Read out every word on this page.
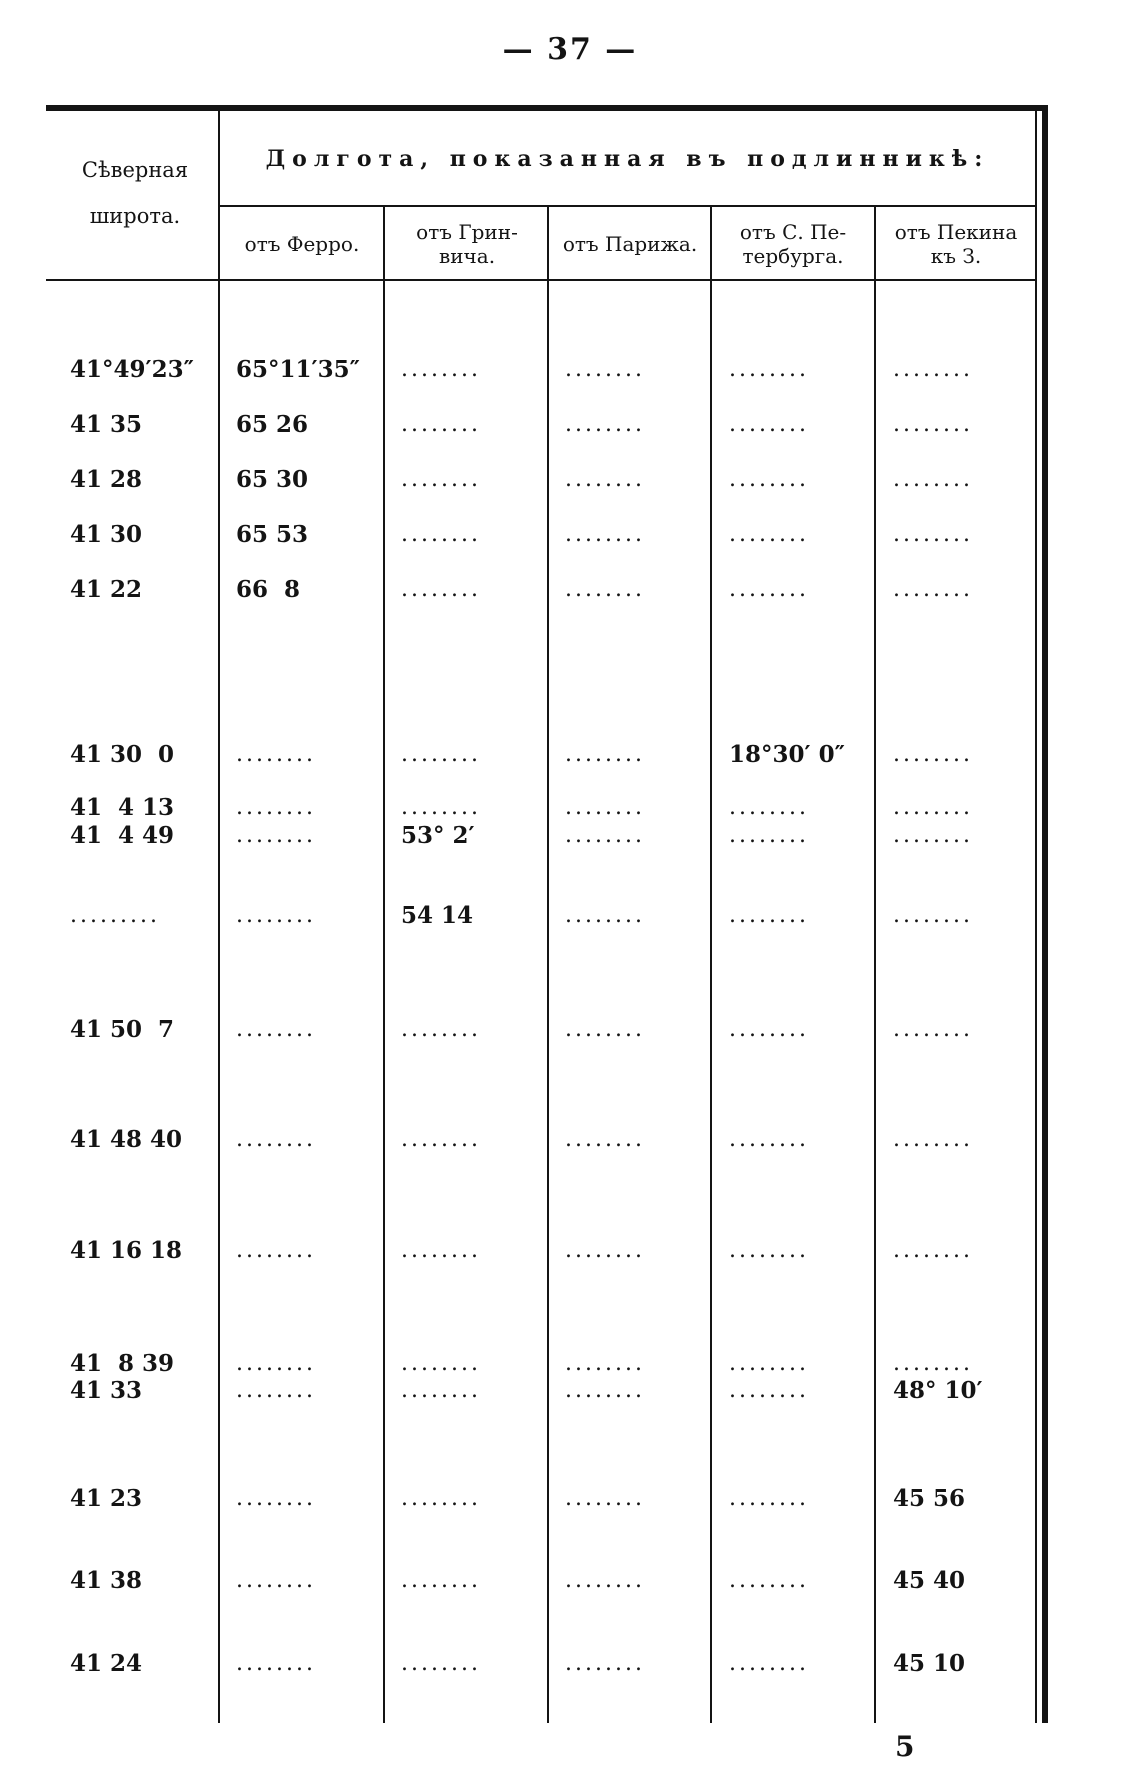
— 37 —
Сѣверная
широта.
Долгота, показанная въ подлинникѣ:
отъ Ферро.	отъ Грин-
вича.	отъ Парижа.	отъ С. Пе-
тербурга.
отъ Пекина
къ З.
41°49′23″ 65°11′35″ ........	........	........	........
41 35	65 26	........	........	........	........
41 28	65 30	........	........	........	........
41 30	65 53	........	........	........	........
41 22	66  8	........	........	........	........
41 30  0	........	........	........	18°30′ 0″ ........
41  4 13	........	........	........	........	........
41  4 49	........	53° 2′	........	........	........
.........	........	54 14	........	........	........
41 50  7	........	........	........	........	........
41 48 40 ........	........	........	........	........
41 16 18 ........	........	........	........	........
41  8 39	........	........	........	........	........
41 33	........	........	........	........	48° 10′
41 23	........	........	........	........	45 56
41 38	........	........	........	........	45 40
41 24	........	........	........	........	45 10
5
